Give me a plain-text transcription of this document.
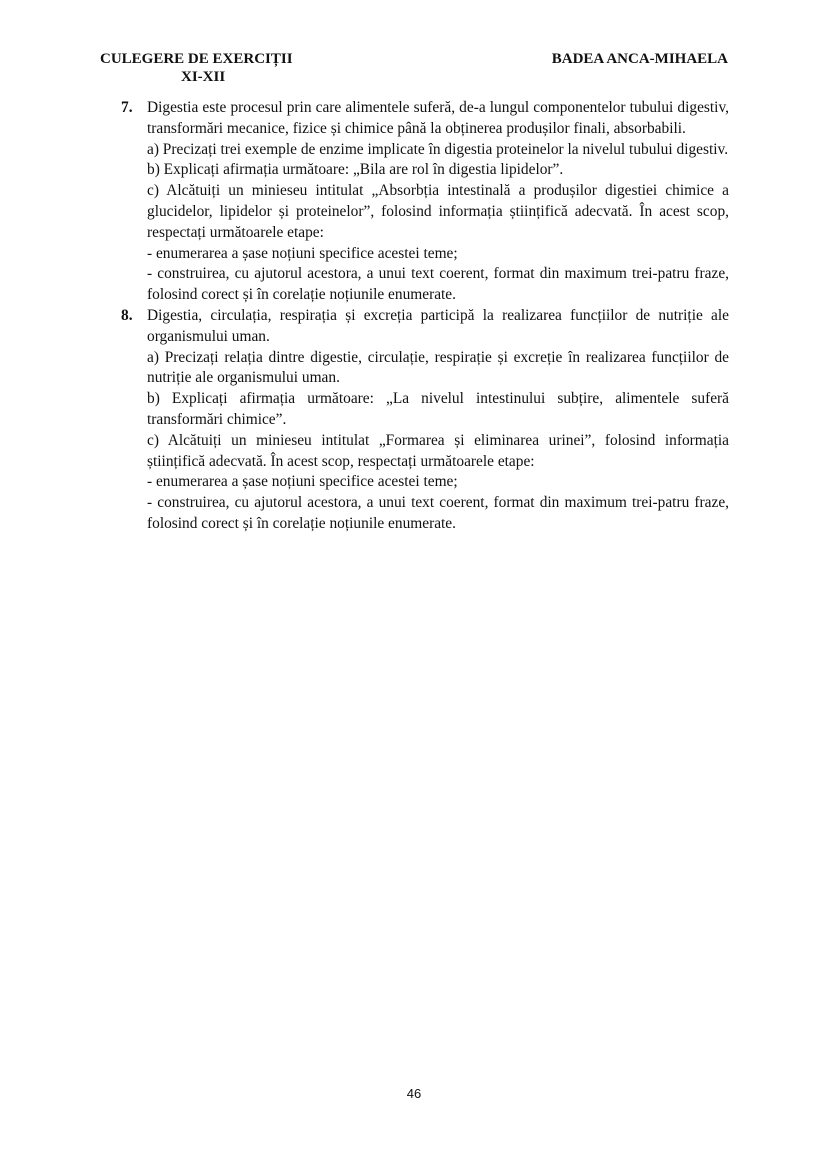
CULEGERE DE EXERCIȚII
XI-XII
BADEA ANCA-MIHAELA
7. Digestia este procesul prin care alimentele suferă, de-a lungul componentelor tubului digestiv, transformări mecanice, fizice și chimice până la obținerea produșilor finali, absorbabili.

a) Precizați trei exemple de enzime implicate în digestia proteinelor la nivelul tubului digestiv.

b) Explicați afirmația următoare: „Bila are rol în digestia lipidelor”.

c) Alcătuiți un minieseu intitulat „Absorbția intestinală a produșilor digestiei chimice a glucidelor, lipidelor și proteinelor”, folosind informația științifică adecvată. În acest scop, respectați următoarele etape:

- enumerarea a șase noțiuni specifice acestei teme;

- construirea, cu ajutorul acestora, a unui text coerent, format din maximum trei-patru fraze, folosind corect și în corelație noțiunile enumerate.

8. Digestia, circulația, respirația și excreția participă la realizarea funcțiilor de nutriție ale organismului uman.

a) Precizați relația dintre digestie, circulație, respirație și excreție în realizarea funcțiilor de nutriție ale organismului uman.

b) Explicați afirmația următoare: „La nivelul intestinului subțire, alimentele suferă transformări chimice”.

c) Alcătuiți un minieseu intitulat „Formarea și eliminarea urinei”, folosind informația științifică adecvată. În acest scop, respectați următoarele etape:

- enumerarea a șase noțiuni specifice acestei teme;

- construirea, cu ajutorul acestora, a unui text coerent, format din maximum trei-patru fraze, folosind corect și în corelație noțiunile enumerate.

46
